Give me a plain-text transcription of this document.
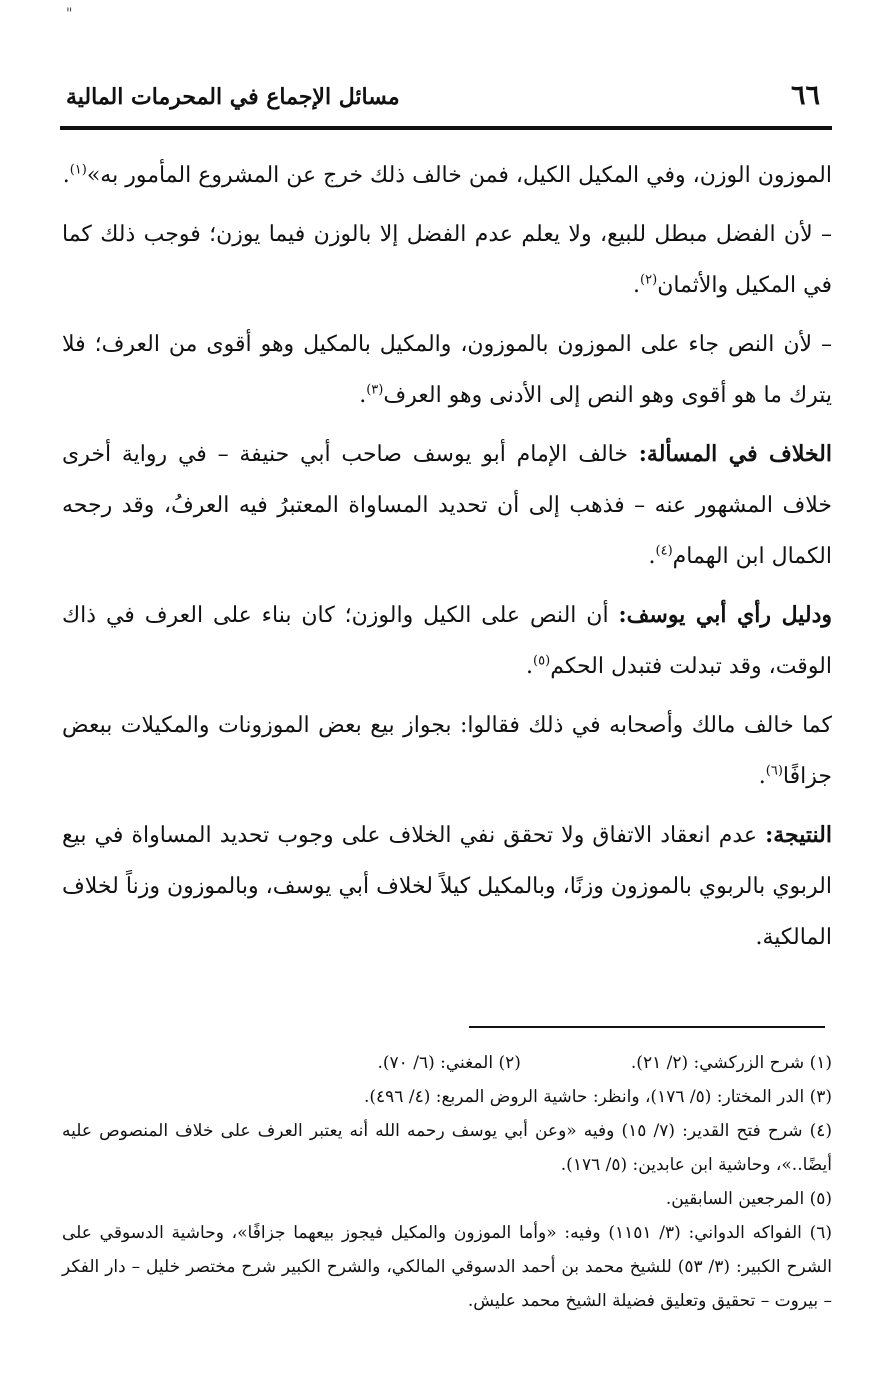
"
٦٦
مسائل الإجماع في المحرمات المالية

الموزون الوزن، وفي المكيل الكيل، فمن خالف ذلك خرج عن المشروع المأمور به»$^{(١)}$.

– لأن الفضل مبطل للبيع، ولا يعلم عدم الفضل إلا بالوزن فيما يوزن؛ فوجب ذلك كما في المكيل والأثمان$^{(٢)}$.

– لأن النص جاء على الموزون بالموزون، والمكيل بالمكيل وهو أقوى من العرف؛ فلا يترك ما هو أقوى وهو النص إلى الأدنى وهو العرف$^{(٣)}$.

الخلاف في المسألة: خالف الإمام أبو يوسف صاحب أبي حنيفة – في رواية أخرى خلاف المشهور عنه – فذهب إلى أن تحديد المساواة المعتبرُ فيه العرفُ، وقد رجحه الكمال ابن الهمام$^{(٤)}$.

ودليل رأي أبي يوسف: أن النص على الكيل والوزن؛ كان بناء على العرف في ذاك الوقت، وقد تبدلت فتبدل الحكم$^{(٥)}$.

كما خالف مالك وأصحابه في ذلك فقالوا: بجواز بيع بعض الموزونات والمكيلات ببعض جزافًا$^{(٦)}$.

النتيجة: عدم انعقاد الاتفاق ولا تحقق نفي الخلاف على وجوب تحديد المساواة في بيع الربوي بالربوي بالموزون وزنًا، وبالمكيل كيلاً لخلاف أبي يوسف، وبالموزون وزناً لخلاف المالكية.

(١) شرح الزركشي: (٢/ ٢١).

(٢) المغني: (٦/ ٧٠).

(٣) الدر المختار: (٥/ ١٧٦)، وانظر: حاشية الروض المربع: (٤/ ٤٩٦).

(٤) شرح فتح القدير: (٧/ ١٥) وفيه «وعن أبي يوسف رحمه الله أنه يعتبر العرف على خلاف المنصوص عليه أيضًا..»، وحاشية ابن عابدين: (٥/ ١٧٦).

(٥) المرجعين السابقين.

(٦) الفواكه الدواني: (٣/ ١١٥١) وفيه: «وأما الموزون والمكيل فيجوز بيعهما جزافًا»، وحاشية الدسوقي على الشرح الكبير: (٣/ ٥٣) للشيخ محمد بن أحمد الدسوقي المالكي، والشرح الكبير شرح مختصر خليل – دار الفكر – بيروت – تحقيق وتعليق فضيلة الشيخ محمد عليش.
